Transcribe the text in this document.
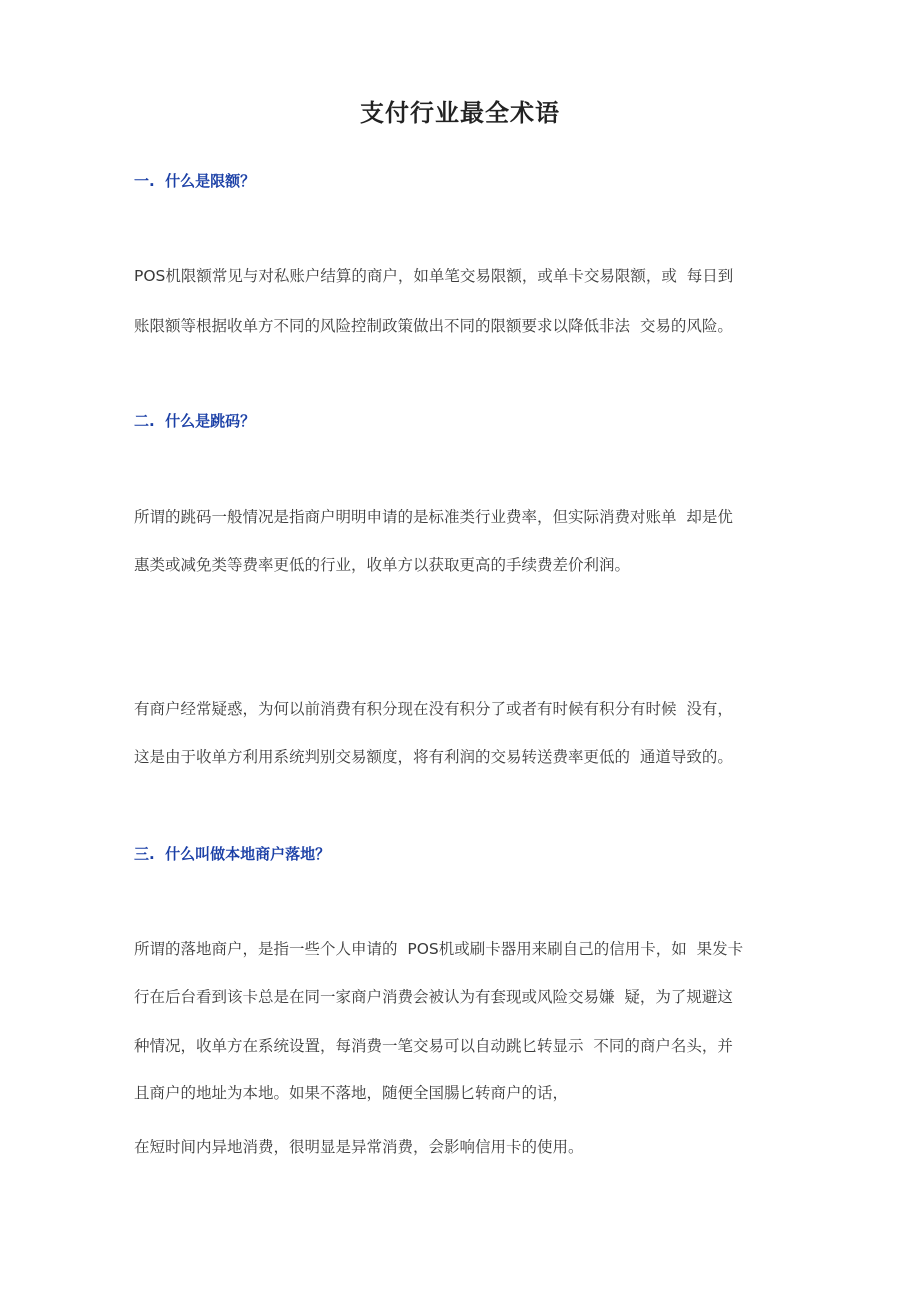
支付行业最全术语
一.  什么是限额？
POS机限额常见与对私账户结算的商户，如单笔交易限额，或单卡交易限额，或  每日到
账限额等根据收单方不同的风险控制政策做出不同的限额要求以降低非法  交易的风险。
二.  什么是跳码？
所谓的跳码一般情况是指商户明明申请的是标准类行业费率，但实际消费对账单  却是优
惠类或减免类等费率更低的行业，收单方以获取更高的手续费差价利润。
有商户经常疑惑，为何以前消费有积分现在没有积分了或者有时候有积分有时候  没有，
这是由于收单方利用系统判别交易额度，将有利润的交易转送费率更低的  通道导致的。
三.  什么叫做本地商户落地？
所谓的落地商户，是指一些个人申请的  POS机或刷卡器用来刷自己的信用卡，如  果发卡
行在后台看到该卡总是在同一家商户消费会被认为有套现或风险交易嫌  疑，为了规避这
种情况，收单方在系统设置，每消费一笔交易可以自动跳匕转显示  不同的商户名头，并
且商户的地址为本地。如果不落地，随便全国腸匕转商户的话，
在短时间内异地消费，很明显是异常消费，会影响信用卡的使用。
